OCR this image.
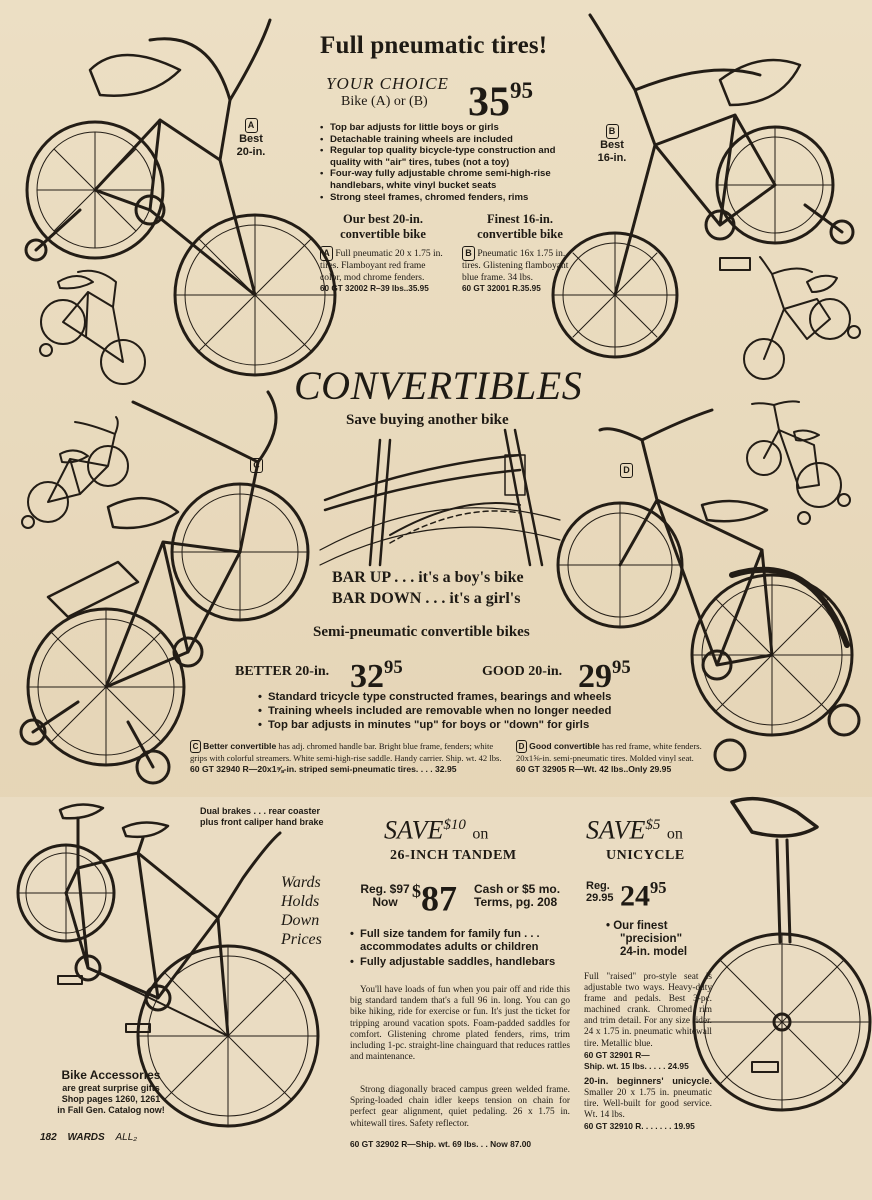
Full pneumatic tires!
YOUR CHOICE
Bike (A) or (B) $35^{95}$
A
Best
20-in.
B
Best
16-in.
• Top bar adjusts for little boys or girls
• Detachable training wheels are included
• Regular top quality bicycle-type construction and quality with "air" tires, tubes (not a toy)
• Four-way fully adjustable chrome semi-high-rise handlebars, white vinyl bucket seats
• Strong steel frames, chromed fenders, rims
Our best 20-in.
convertible bike
Finest 16-in.
convertible bike
A Full pneumatic 20 x 1.75 in. tires. Flamboyant red frame color, mod chrome fenders.
60 GT 32002 R–39 lbs..35.95
B Pneumatic 16x 1.75 in. tires. Glistening flamboyant blue frame. 34 lbs.
60 GT 32001 R.35.95
CONVERTIBLES
Save buying another bike
C	D
BAR UP . . . it's a boy's bike
BAR DOWN . . . it's a girl's
Semi-pneumatic convertible bikes
BETTER 20-in. $32^{95}$	GOOD 20-in. $29^{95}$
• Standard tricycle type constructed frames, bearings and wheels
• Training wheels included are removable when no longer needed
• Top bar adjusts in minutes "up" for boys or "down" for girls
C Better convertible has adj. chromed handle bar. Bright blue frame, fenders; white grips with colorful streamers. White semi-high-rise saddle. Handy carrier. Ship. wt. 42 lbs.
60 GT 32940 R—20x1⅝-in. striped semi-pneumatic tires. . . . 32.95
D Good convertible has red frame, white fenders. 20x1⅝-in. semi-pneumatic tires. Molded vinyl seat.
60 GT 32905 R—Wt. 42 lbs..Only 29.95
Dual brakes . . . rear coaster
plus front caliper hand brake $SAVE^{\$10}$ on
26-INCH TANDEM
Reg. $97
Now
$87 Cash or $5 mo.
Terms, pg. 208
• Full size tandem for family fun . . . accommodates adults or children
• Fully adjustable saddles, handlebars
You'll have loads of fun when you pair off and ride this big standard tandem that's a full 96 in. long. You can go bike hiking, ride for exercise or fun. It's just the ticket for tripping around vacation spots. Foam-padded saddles for comfort. Glistening chrome plated fenders, rims, trim including 1-pc. straight-line chainguard that reduces rattles and maintenance.
Strong diagonally braced campus green welded frame. Spring-loaded chain idler keeps tension on chain for perfect gear alignment, quiet pedaling. 26 x 1.75 in. whitewall tires. Safety reflector.
60 GT 32902 R—Ship. wt. 69 lbs. . . Now 87.00
Wards
Holds
Down
Prices
Bike Accessories
are great surprise gifts
Shop pages 1260, 1261
in Fall Gen. Catalog now!
182 WARDS ALL₂
$SAVE^{\$5}$ on
UNICYCLE
Reg.
29.95 $24^{95}$
• Our finest
"precision"
24-in. model
Full "raised" pro-style seat is adjustable two ways. Heavy-duty frame and pedals. Best 3-pc. machined crank. Chromed rim and trim detail. For any size rider. 24 x 1.75 in. pneumatic whitewall tire. Metallic blue.
60 GT 32901 R—
Ship. wt. 15 lbs. . . . . 24.95
20-in. beginners' unicycle. Smaller 20 x 1.75 in. pneumatic tire. Well-built for good service. Wt. 14 lbs.
60 GT 32910 R. . . . . . . 19.95
